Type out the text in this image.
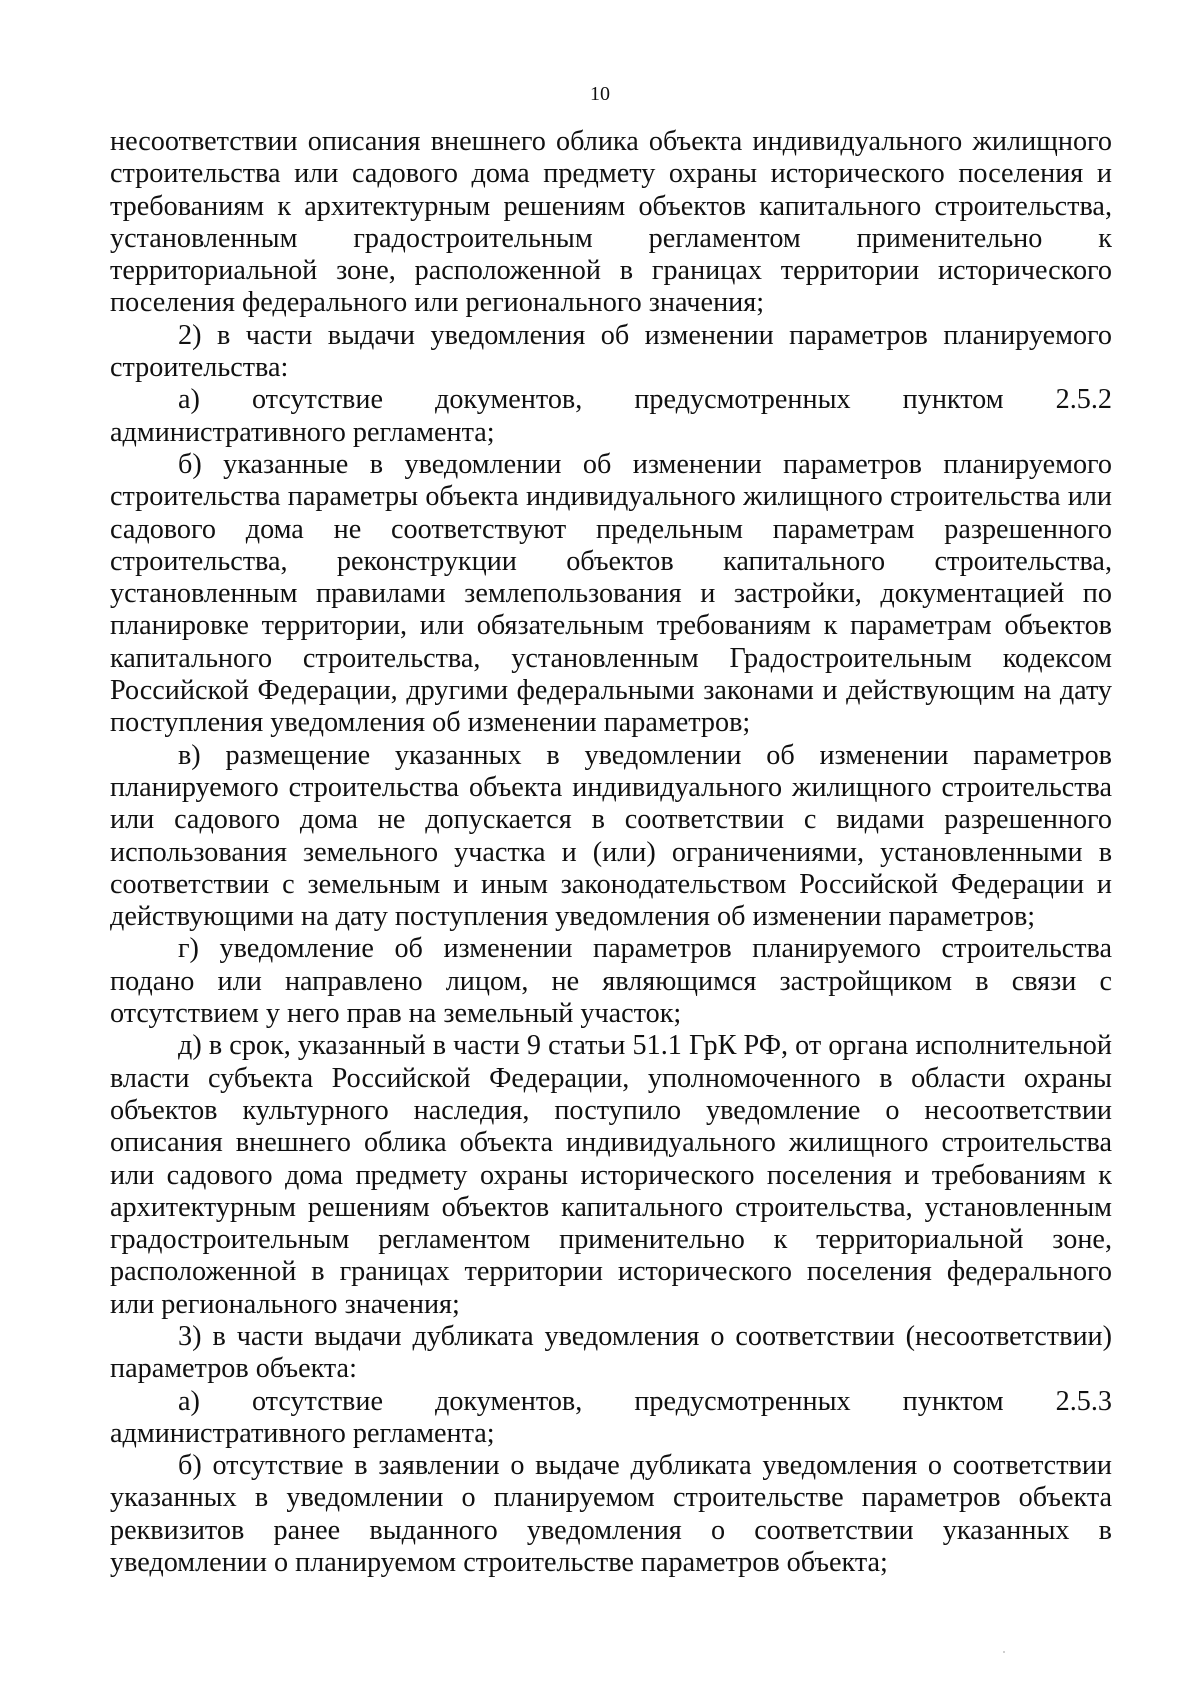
10

несоответствии описания внешнего облика объекта индивидуального жилищного строительства или садового дома предмету охраны исторического поселения и требованиям к архитектурным решениям объектов капитального строительства, установленным градостроительным регламентом применительно к территориальной зоне, расположенной в границах территории исторического поселения федерального или регионального значения;

2) в части выдачи уведомления об изменении параметров планируемого строительства:

а) отсутствие документов, предусмотренных пунктом 2.5.2 административного регламента;

б) указанные в уведомлении об изменении параметров планируемого строительства параметры объекта индивидуального жилищного строительства или садового дома не соответствуют предельным параметрам разрешенного строительства, реконструкции объектов капитального строительства, установленным правилами землепользования и застройки, документацией по планировке территории, или обязательным требованиям к параметрам объектов капитального строительства, установленным Градостроительным кодексом Российской Федерации, другими федеральными законами и действующим на дату поступления уведомления об изменении параметров;

в) размещение указанных в уведомлении об изменении параметров планируемого строительства объекта индивидуального жилищного строительства или садового дома не допускается в соответствии с видами разрешенного использования земельного участка и (или) ограничениями, установленными в соответствии с земельным и иным законодательством Российской Федерации и действующими на дату поступления уведомления об изменении параметров;

г) уведомление об изменении параметров планируемого строительства подано или направлено лицом, не являющимся застройщиком в связи с отсутствием у него прав на земельный участок;

д) в срок, указанный в части 9 статьи 51.1 ГрК РФ, от органа исполнительной власти субъекта Российской Федерации, уполномоченного в области охраны объектов культурного наследия, поступило уведомление о несоответствии описания внешнего облика объекта индивидуального жилищного строительства или садового дома предмету охраны исторического поселения и требованиям к архитектурным решениям объектов капитального строительства, установленным градостроительным регламентом применительно к территориальной зоне, расположенной в границах территории исторического поселения федерального или регионального значения;

3) в части выдачи дубликата уведомления о соответствии (несоответствии) параметров объекта:

а) отсутствие документов, предусмотренных пунктом 2.5.3 административного регламента;

б) отсутствие в заявлении о выдаче дубликата уведомления о соответствии указанных в уведомлении о планируемом строительстве параметров объекта реквизитов ранее выданного уведомления о соответствии указанных в уведомлении о планируемом строительстве параметров объекта;
